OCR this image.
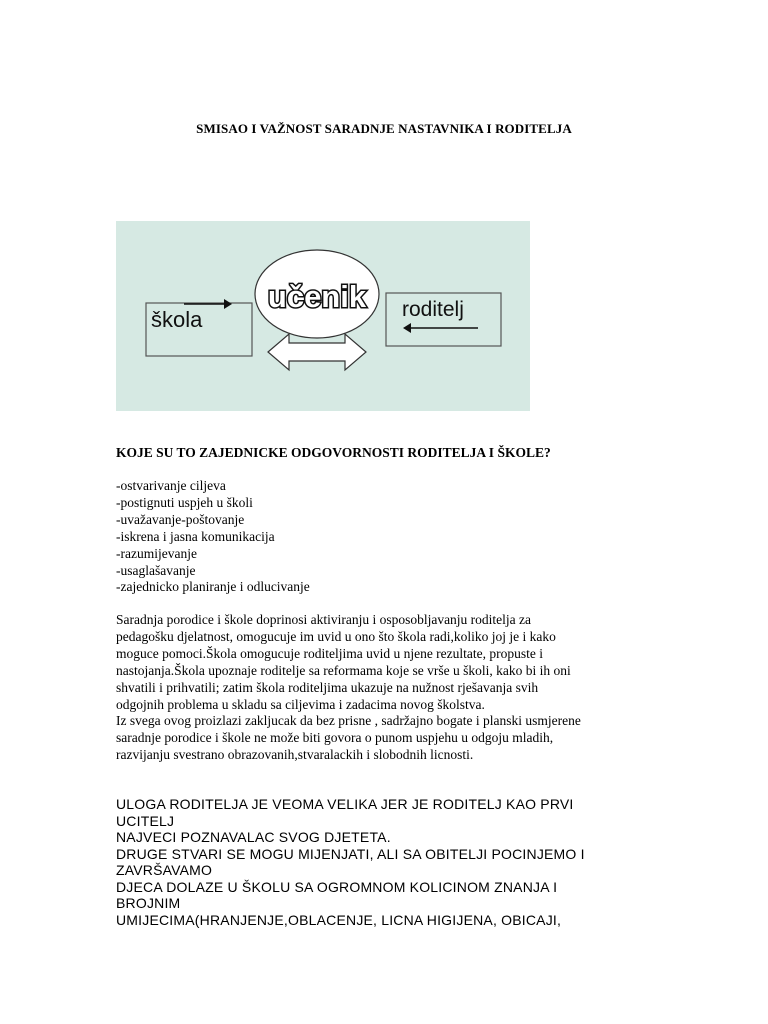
SMISAO I VAŽNOST SARADNJE NASTAVNIKA I RODITELJA
škola
učenik roditelj
KOJE SU TO ZAJEDNICKE ODGOVORNOSTI RODITELJA I ŠKOLE?
-ostvarivanje ciljeva
-postignuti uspjeh u školi
-uvažavanje-poštovanje
-iskrena i jasna komunikacija
-razumijevanje
-usaglašavanje
-zajednicko planiranje i odlucivanje
Saradnja porodice i škole doprinosi aktiviranju i osposobljavanju roditelja za
pedagošku djelatnost, omogucuje im uvid u ono što škola radi,koliko joj je i kako
moguce pomoci.Škola omogucuje roditeljima uvid u njene rezultate, propuste i
nastojanja.Škola upoznaje roditelje sa reformama koje se vrše u školi, kako bi ih oni
shvatili i prihvatili; zatim škola roditeljima ukazuje na nužnost rješavanja svih
odgojnih problema u skladu sa ciljevima i zadacima novog školstva.
Iz svega ovog proizlazi zakljucak da bez prisne , sadržajno bogate i planski usmjerene
saradnje porodice i škole ne može biti govora o punom uspjehu u odgoju mladih,
razvijanju svestrano obrazovanih,stvaralackih i slobodnih licnosti.
ULOGA RODITELJA JE VEOMA VELIKA JER JE RODITELJ KAO PRVI
UCITELJ
NAJVECI POZNAVALAC SVOG DJETETA.
DRUGE STVARI SE MOGU MIJENJATI, ALI SA OBITELJI POCINJEMO I
ZAVRŠAVAMO
DJECA DOLAZE U ŠKOLU SA OGROMNOM KOLICINOM ZNANJA I
BROJNIM
UMIJECIMA(HRANJENJE,OBLACENJE, LICNA HIGIJENA, OBICAJI,
